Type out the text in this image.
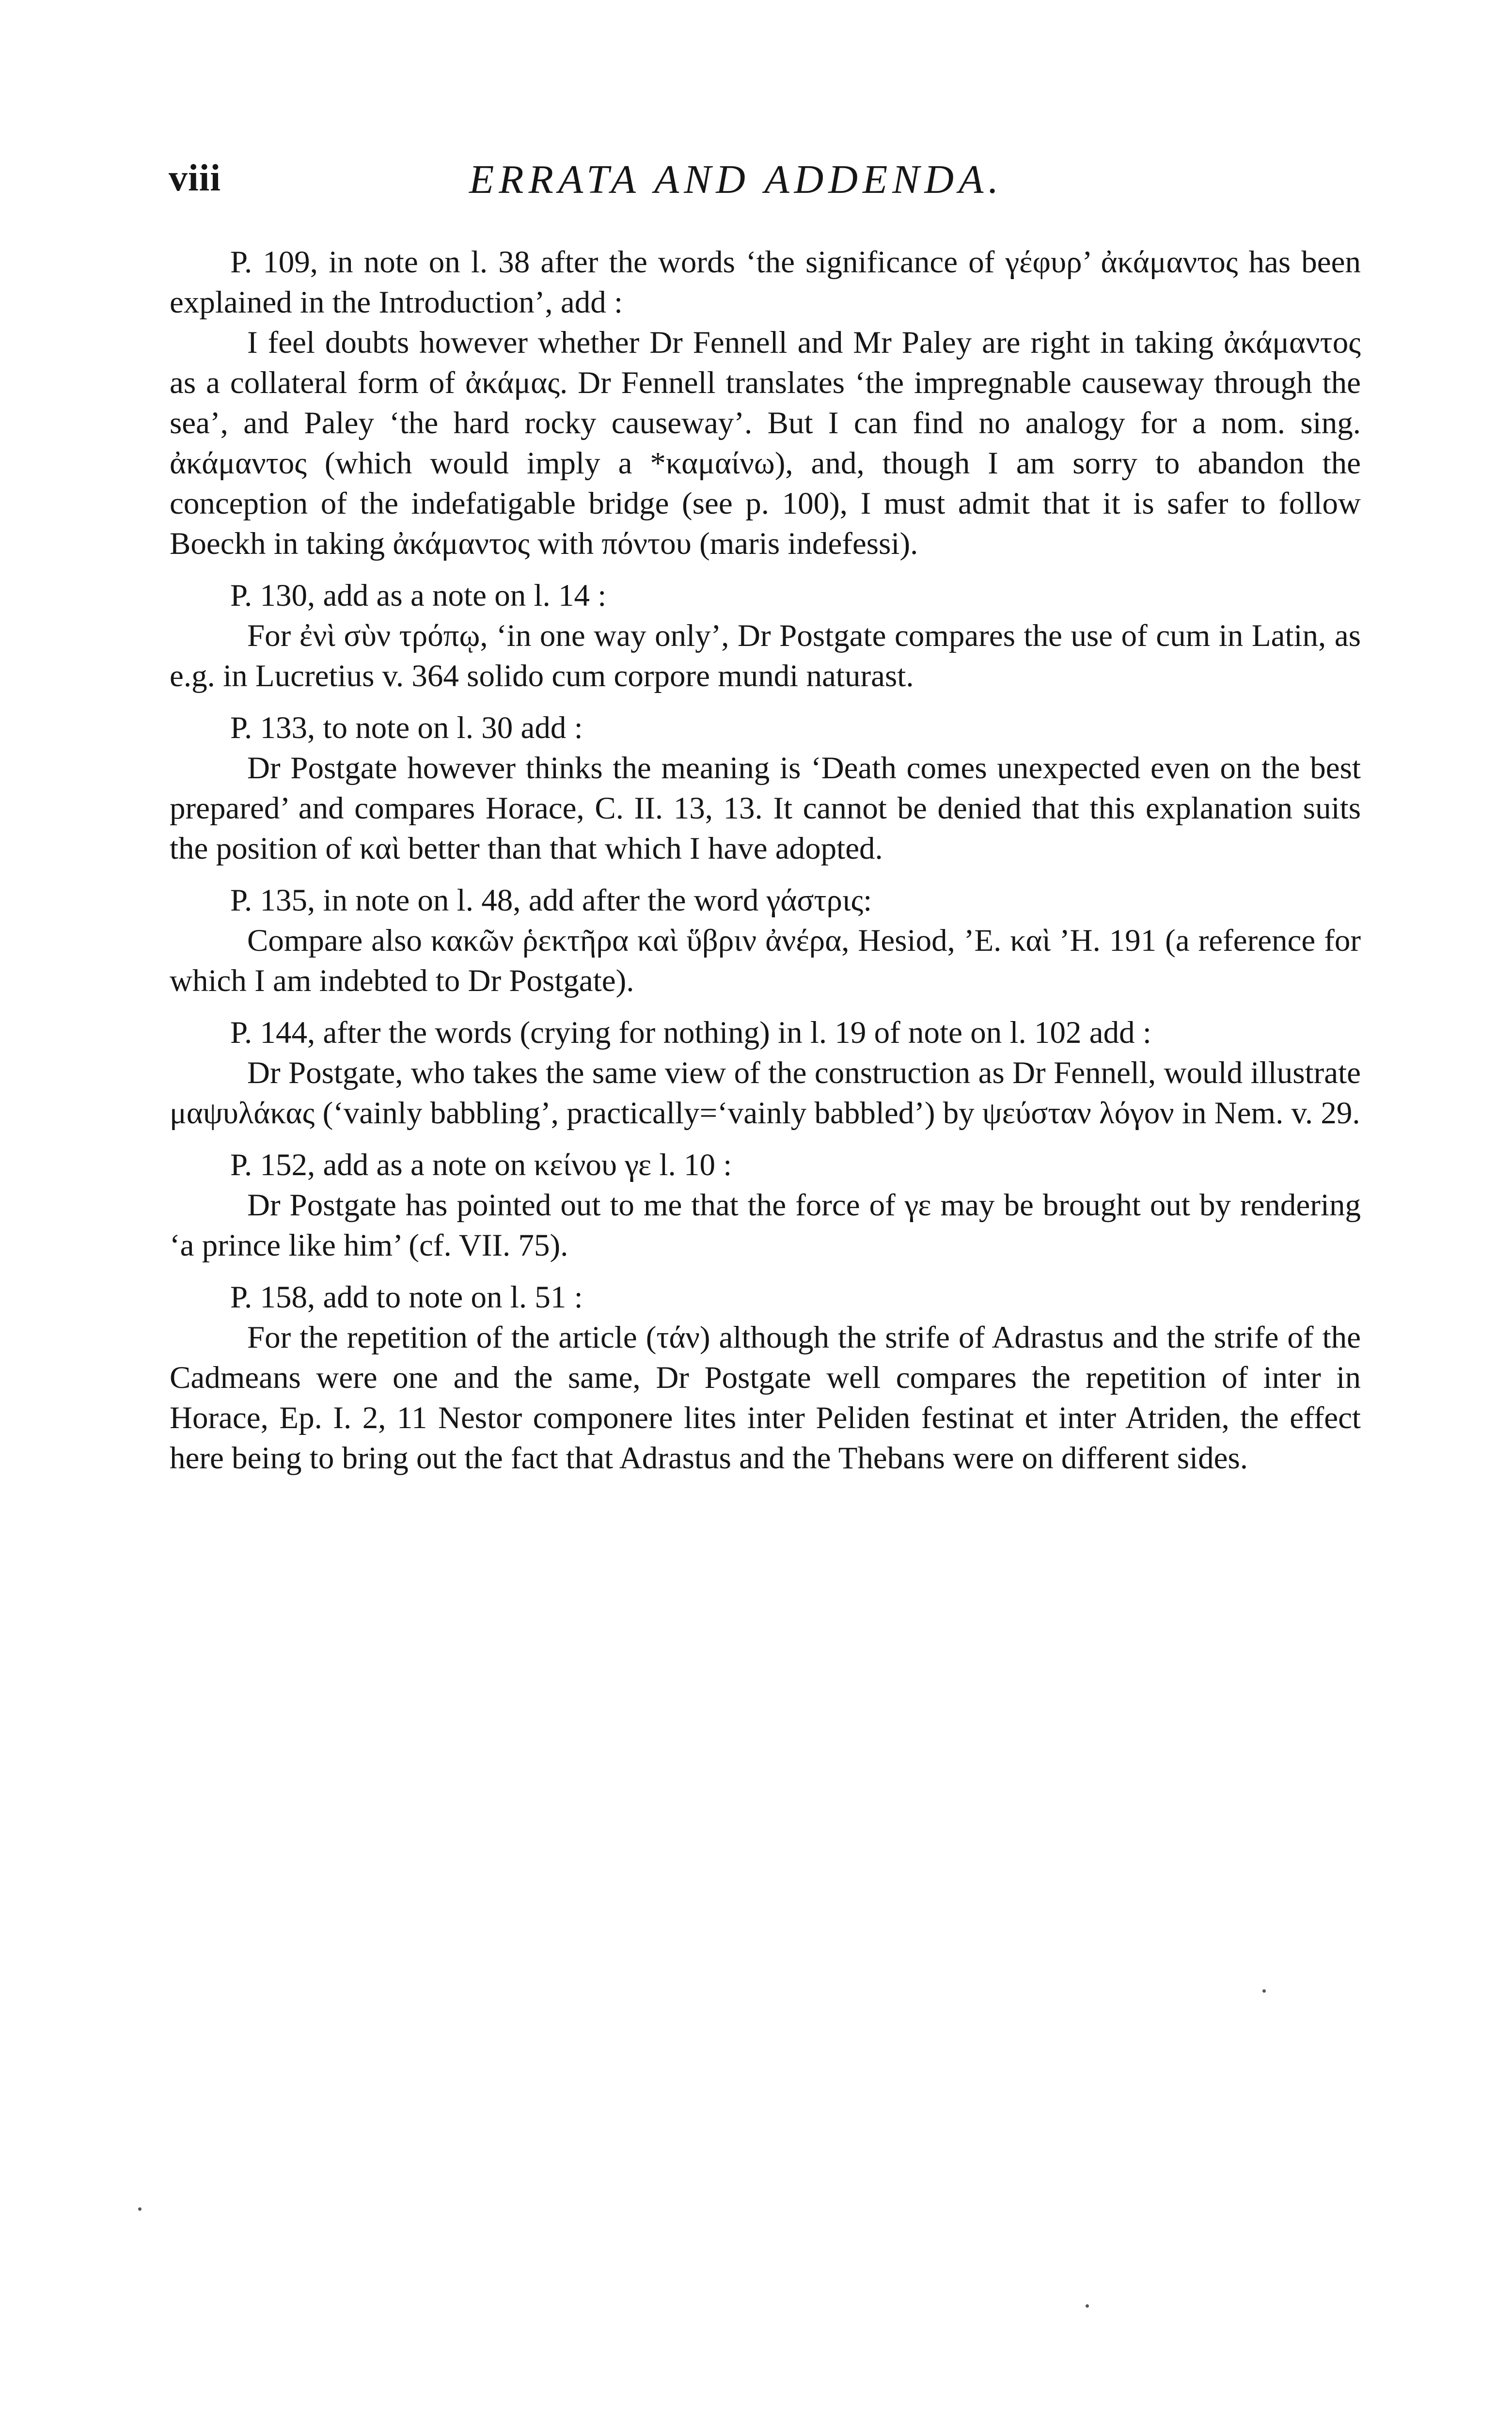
viii	ERRATA AND ADDENDA.

P. 109, in note on l. 38 after the words ‘the significance of γέφυρ’ ἀκάμαντος has been explained in the Introduction’, add :

I feel doubts however whether Dr Fennell and Mr Paley are right in taking ἀκάμαντος as a collateral form of ἀκάμας. Dr Fennell translates ‘the impregnable causeway through the sea’, and Paley ‘the hard rocky causeway’. But I can find no analogy for a nom. sing. ἀκάμαντος (which would imply a *καμαίνω), and, though I am sorry to abandon the conception of the indefatigable bridge (see p. 100), I must admit that it is safer to follow Boeckh in taking ἀκάμαντος with πόντου (maris indefessi).

P. 130, add as a note on l. 14 :

For ἐνὶ σὺν τρόπῳ, ‘in one way only’, Dr Postgate compares the use of cum in Latin, as e.g. in Lucretius v. 364 solido cum corpore mundi naturast.

P. 133, to note on l. 30 add :

Dr Postgate however thinks the meaning is ‘Death comes unexpected even on the best prepared’ and compares Horace, C. II. 13, 13. It cannot be denied that this explanation suits the position of καὶ better than that which I have adopted.

P. 135, in note on l. 48, add after the word γάστρις:

Compare also κακῶν ῥεκτῆρα καὶ ὕβριν ἀνέρα, Hesiod, ’E. καὶ ’H. 191 (a reference for which I am indebted to Dr Postgate).

P. 144, after the words (crying for nothing) in l. 19 of note on l. 102 add :

Dr Postgate, who takes the same view of the construction as Dr Fennell, would illustrate μαψυλάκας (‘vainly babbling’, practically=‘vainly babbled’) by ψεύσταν λόγον in Nem. v. 29.

P. 152, add as a note on κείνου γε l. 10 :

Dr Postgate has pointed out to me that the force of γε may be brought out by rendering ‘a prince like him’ (cf. VII. 75).

P. 158, add to note on l. 51 :

For the repetition of the article (τάν) although the strife of Adrastus and the strife of the Cadmeans were one and the same, Dr Postgate well compares the repetition of inter in Horace, Ep. I. 2, 11 Nestor componere lites inter Peliden festinat et inter Atriden, the effect here being to bring out the fact that Adrastus and the Thebans were on different sides.
